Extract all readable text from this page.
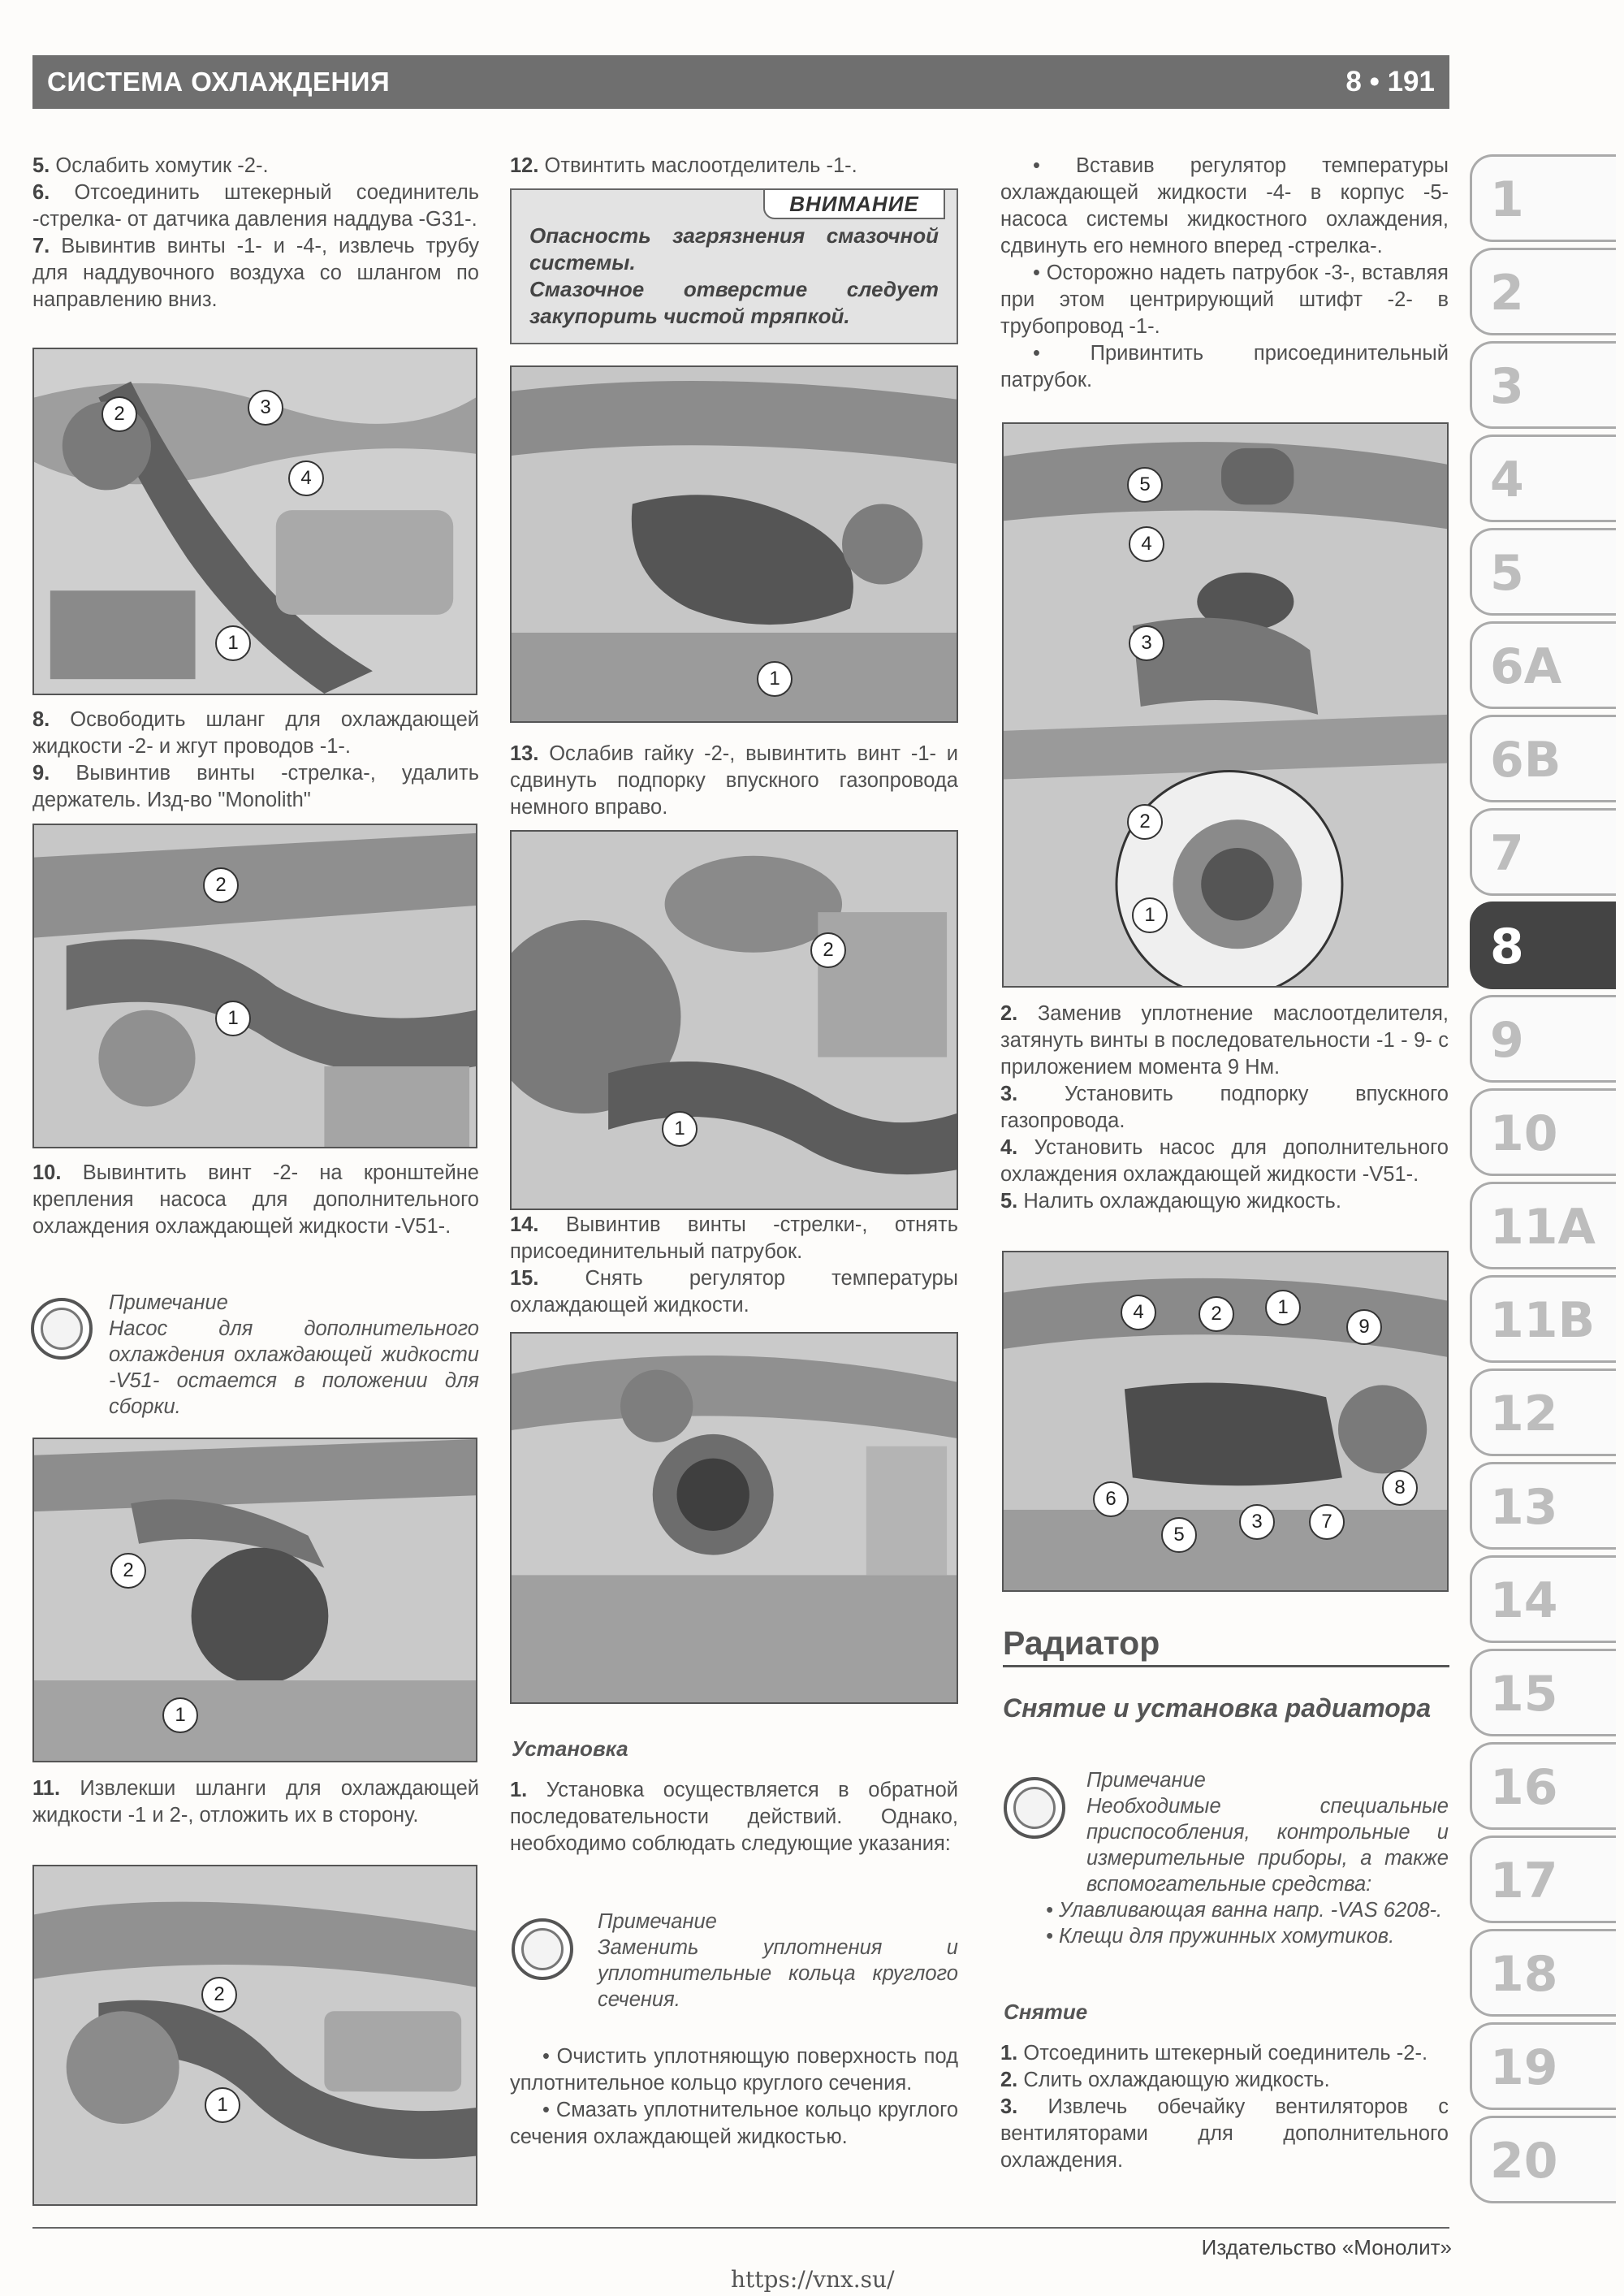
СИСТЕМА ОХЛАЖДЕНИЯ	8 • 191

5. Ослабить хомутик -2-.

6. Отсоединить штекерный соединитель -стрелка- от датчика давления наддува -G31-.

7. Вывинтив винты -1- и -4-, извлечь трубу для наддувочного воздуха со шлангом по направлению вниз.

2	3
4
1

8. Освободить шланг для охлаждающей жидкости -2- и жгут проводов -1-.

9. Вывинтив винты -стрелка-, удалить держатель. Изд-во "Monolith"

2
1

10. Вывинтить винт -2- на кронштейне крепления насоса для дополнительного охлаждения охлаждающей жидкости -V51-.

Примечание
Насос для дополнительного охлаждения охлаждающей жидкости -V51- остается в положении для сборки.
2
1

11. Извлекши шланги для охлаждающей жидкости -1 и 2-, отложить их в сторону.

2
1

12. Отвинтить маслоотделитель -1-.

ВНИМАНИЕ
Опасность загрязнения смазочной системы.
Смазочное отверстие следует закупорить чистой тряпкой.
1

13. Ослабив гайку -2-, вывинтить винт -1- и сдвинуть подпорку впускного газопровода немного вправо.

2
1

14. Вывинтив винты -стрелки-, отнять присоединительный патрубок.

15. Снять регулятор температуры охлаждающей жидкости.

Установка

1. Установка осуществляется в обратной последовательности действий. Однако, необходимо соблюдать следующие указания:

Примечание
Заменить уплотнения и уплотнительные кольца круглого сечения.

• Очистить уплотняющую поверхность под уплотнительное кольцо круглого сечения.

• Смазать уплотнительное кольцо круглого сечения охлаждающей жидкостью.

• Вставив регулятор температуры охлаждающей жидкости -4- в корпус -5- насоса системы жидкостного охлаждения, сдвинуть его немного вперед -стрелка-.

• Осторожно надеть патрубок -3-, вставляя при этом центрирующий штифт -2- в трубопровод -1-.

• Привинтить присоединительный патрубок.

5
4
3
2
1

2. Заменив уплотнение маслоотделителя, затянуть винты в последовательности -1 - 9- с приложением момента 9 Нм.

3. Установить подпорку впускного газопровода.

4. Установить насос для дополнительного охлаждения охлаждающей жидкости -V51-.

5. Налить охлаждающую жидкость.

4	2	1
9
6
5
3	7
8
Радиатор
Снятие и установка радиатора
Примечание
Необходимые специальные приспособления, контрольные и измерительные приборы, а также вспомогательные средства:
• Улавливающая ванна напр. -VAS 6208-.
• Клещи для пружинных хомутиков.
Снятие

1. Отсоединить штекерный соединитель -2-.

2. Слить охлаждающую жидкость.

3. Извлечь обечайку вентиляторов с вентиляторами для дополнительного охлаждения.

1
2
3
4
5
6A
6B
7
8
9
10
11A
11B
12
13
14
15
16
17
18
19
20
Издательство «Монолит»
https://vnx.su/
